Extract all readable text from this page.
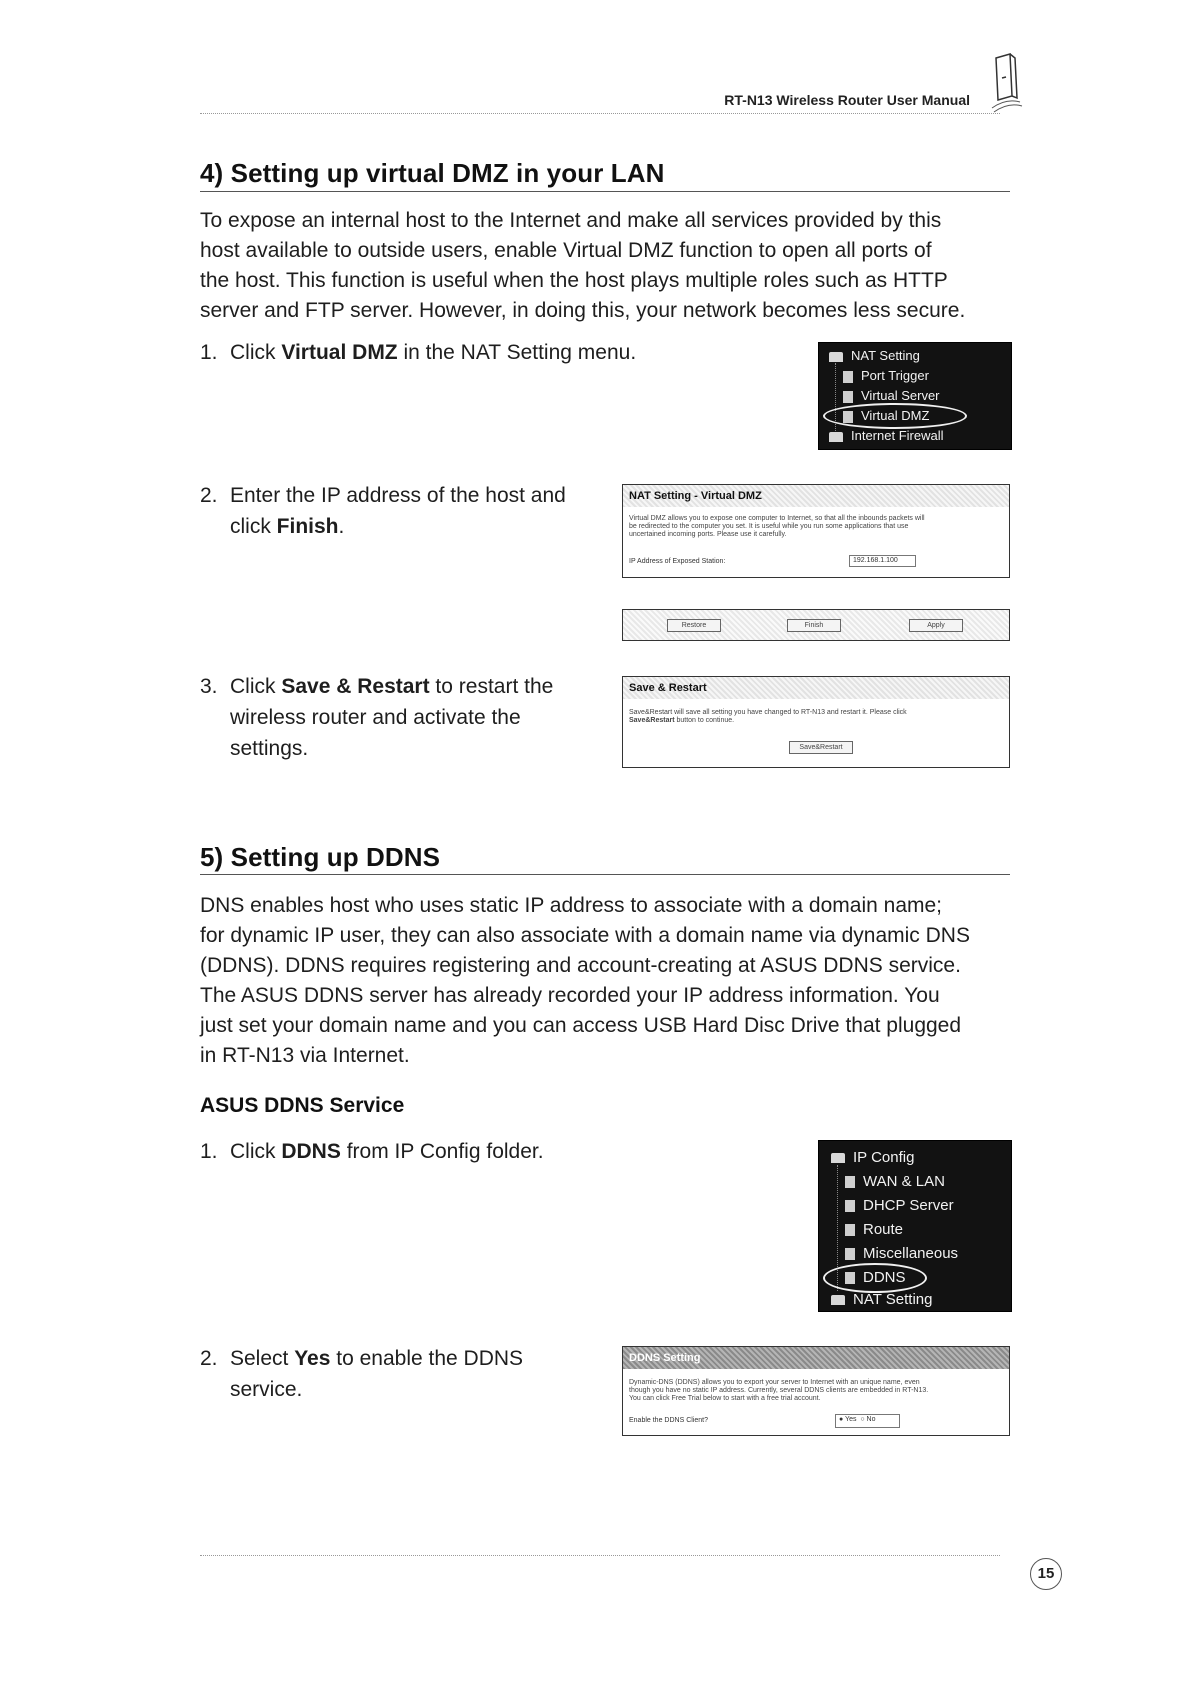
RT-N13 Wireless Router User Manual
4) Setting up virtual DMZ in your LAN
To expose an internal host to the Internet and make all services provided by this
host available to outside users, enable Virtual DMZ function to open all ports of
the host. This function is useful when the host plays multiple roles such as HTTP
server and FTP server. However, in doing this, your network becomes less secure.
1. Click Virtual DMZ in the NAT Setting menu.	NAT Setting
Port Trigger
Virtual Server
Virtual DMZ
Internet Firewall
2. Enter the IP address of the host and
click Finish.
NAT Setting - Virtual DMZ
Virtual DMZ allows you to expose one computer to Internet, so that all the inbounds packets will
be redirected to the computer you set. It is useful while you run some applications that use
uncertained incoming ports. Please use it carefully.
IP Address of Exposed Station:	192.168.1.100
Restore	Finish	Apply
3. Click Save & Restart to restart the
wireless router and activate the
settings.
Save & Restart
Save&Restart will save all setting you have changed to RT-N13 and restart it. Please click
Save&Restart button to continue.
Save&Restart
5) Setting up DDNS
DNS enables host who uses static IP address to associate with a domain name;
for dynamic IP user, they can also associate with a domain name via dynamic DNS
(DDNS). DDNS requires registering and account-creating at ASUS DDNS service.
The ASUS DDNS server has already recorded your IP address information. You
just set your domain name and you can access USB Hard Disc Drive that plugged
in RT-N13 via Internet.
ASUS DDNS Service
1. Click DDNS from IP Config folder.	IP Config
WAN & LAN
DHCP Server
Route
Miscellaneous
DDNS
NAT Setting
2. Select Yes to enable the DDNS
service.
DDNS Setting
Dynamic-DNS (DDNS) allows you to export your server to Internet with an unique name, even
though you have no static IP address. Currently, several DDNS clients are embedded in RT-N13.
You can click Free Trial below to start with a free trial account.
Enable the DDNS Client?	● Yes ○ No
15
